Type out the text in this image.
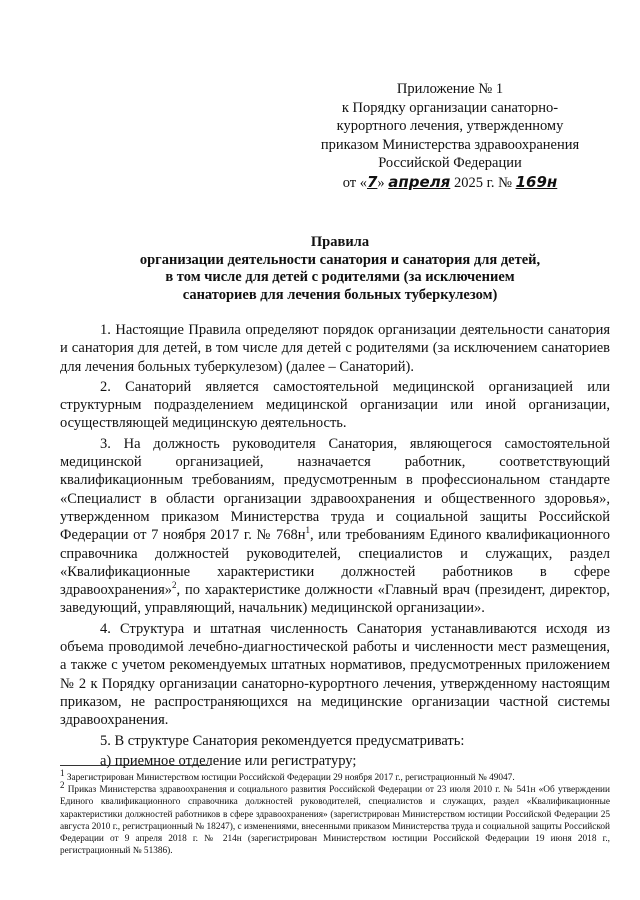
Приложение № 1
к Порядку организации санаторно-
курортного лечения, утвержденному
приказом Министерства здравоохранения
Российской Федерации
от «7» апреля 2025 г. № 169н
Правила
организации деятельности санатория и санатория для детей,
в том числе для детей с родителями (за исключением
санаториев для лечения больных туберкулезом)

1. Настоящие Правила определяют порядок организации деятельности санатория и санатория для детей, в том числе для детей с родителями (за исключением санаториев для лечения больных туберкулезом) (далее – Санаторий).

2. Санаторий является самостоятельной медицинской организацией или структурным подразделением медицинской организации или иной организации, осуществляющей медицинскую деятельность.

3. На должность руководителя Санатория, являющегося самостоятельной медицинской организацией, назначается работник, соответствующий квалификационным требованиям, предусмотренным в профессиональном стандарте «Специалист в области организации здравоохранения и общественного здоровья», утвержденном приказом Министерства труда и социальной защиты Российской Федерации от 7 ноября 2017 г. № $768н^1$, или требованиям Единого квалификационного справочника должностей руководителей, специалистов и служащих, раздел «Квалификационные характеристики должностей работников в сфере здравоохранения»$^2$, по характеристике должности «Главный врач (президент, директор, заведующий, управляющий, начальник) медицинской организации».

4. Структура и штатная численность Санатория устанавливаются исходя из объема проводимой лечебно-диагностической работы и численности мест размещения, а также с учетом рекомендуемых штатных нормативов, предусмотренных приложением № 2 к Порядку организации санаторно-курортного лечения, утвержденному настоящим приказом, не распространяющихся на медицинские организации частной системы здравоохранения.

5. В структуре Санатория рекомендуется предусматривать:

а) приемное отделение или регистратуру;

$^1$ Зарегистрирован Министерством юстиции Российской Федерации 29 ноября 2017 г., регистрационный № 49047.

$^2$ Приказ Министерства здравоохранения и социального развития Российской Федерации от 23 июля 2010 г. № 541н «Об утверждении Единого квалификационного справочника должностей руководителей, специалистов и служащих, раздел «Квалификационные характеристики должностей работников в сфере здравоохранения» (зарегистрирован Министерством юстиции Российской Федерации 25 августа 2010 г., регистрационный № 18247), с изменениями, внесенными приказом Министерства труда и социальной защиты Российской Федерации от 9 апреля 2018 г. № 214н (зарегистрирован Министерством юстиции Российской Федерации 19 июня 2018 г., регистрационный № 51386).
